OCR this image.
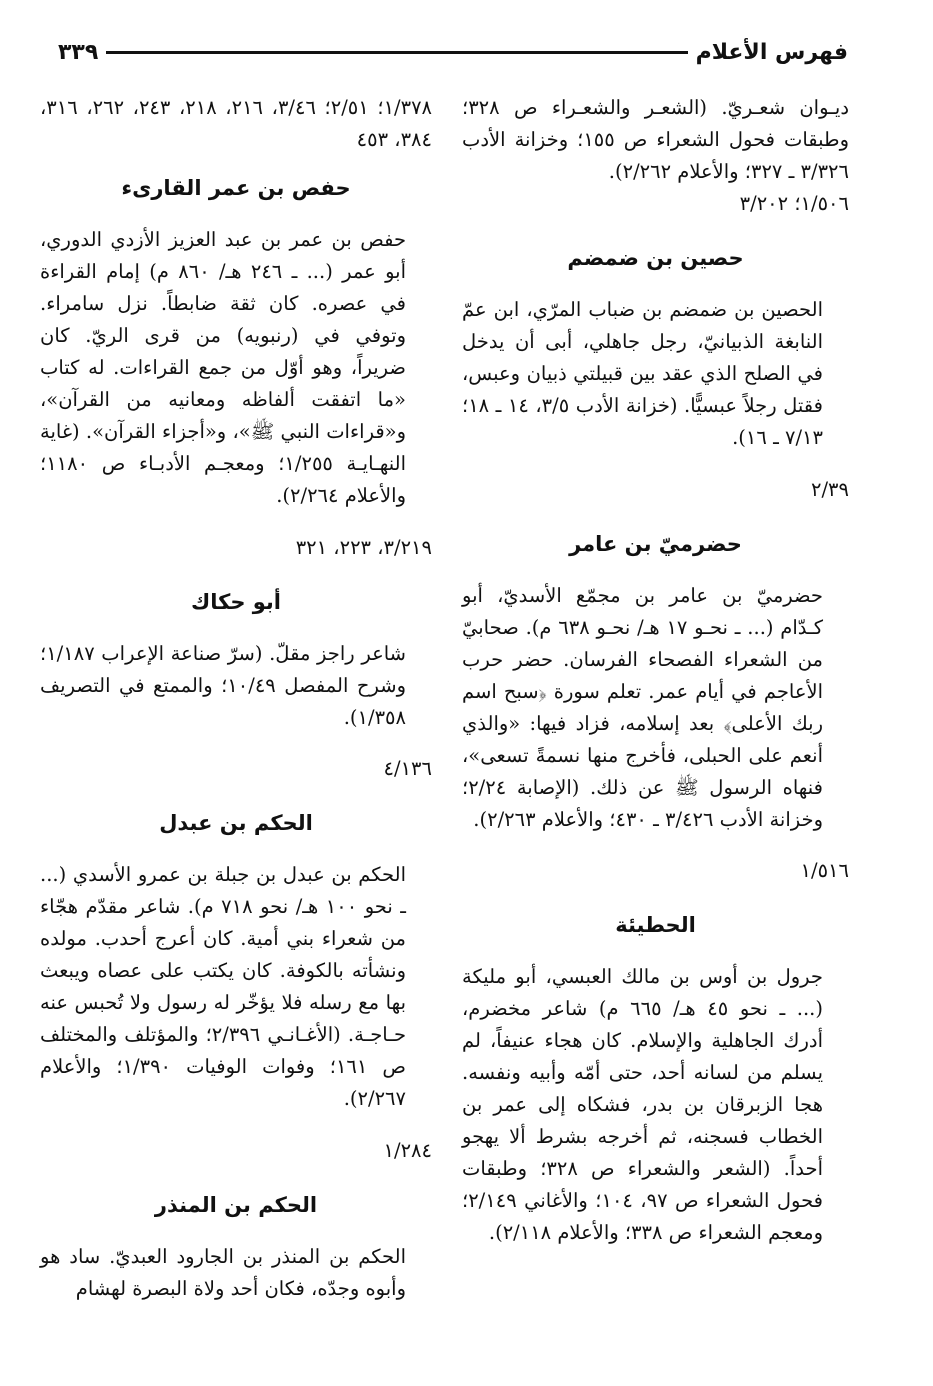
فهرس الأعلام
٣٣٩

ديـوان شعـريّ. (الشعـر والشعـراء ص ٣٢٨؛ وطبقات فحول الشعراء ص ١٥٥؛ وخزانة الأدب ٣/٣٢٦ ـ ٣٢٧؛ والأعلام ٢/٢٦٢).

١/٥٠٦؛ ٣/٢٠٢

حصين بن ضمضم

الحصين بن ضمضم بن ضباب المرّي، ابن عمّ النابغة الذبيانيّ، رجل جاهلي، أبى أن يدخل في الصلح الذي عقد بين قبيلتي ذبيان وعبس، فقتل رجلاً عبسيًّا. (خزانة الأدب ٣/٥، ١٤ ـ ١٨؛ ٧/١٣ ـ ١٦).

٢/٣٩

حضرميّ بن عامر

حضرميّ بن عامر بن مجمّع الأسديّ، أبو كـدّام (... ـ نحـو ١٧ هـ/ نحـو ٦٣٨ م). صحابيّ من الشعراء الفصحاء الفرسان. حضر حرب الأعاجم في أيام عمر. تعلم سورة ﴿سبح اسم ربك الأعلى﴾ بعد إسلامه، فزاد فيها: «والذي أنعم على الحبلى، فأخرج منها نسمةً تسعى»، فنهاه الرسول ﷺ عن ذلك. (الإصابة ٢/٢٤؛ وخزانة الأدب ٣/٤٢٦ ـ ٤٣٠؛ والأعلام ٢/٢٦٣).

١/٥١٦

الحطيئة

جرول بن أوس بن مالك العبسي، أبو مليكة (... ـ نحو ٤٥ هـ/ ٦٦٥ م) شاعر مخضرم، أدرك الجاهلية والإسلام. كان هجاء عنيفاً، لم يسلم من لسانه أحد، حتى أمّه وأبيه ونفسه. هجا الزبرقان بن بدر، فشكاه إلى عمر بن الخطاب فسجنه، ثم أخرجه بشرط ألا يهجو أحداً. (الشعر والشعراء ص ٣٢٨؛ وطبقات فحول الشعراء ص ٩٧، ١٠٤؛ والأغاني ٢/١٤٩؛ ومعجم الشعراء ص ٣٣٨؛ والأعلام ٢/١١٨).

١/٣٧٨؛ ٢/٥١؛ ٣/٤٦، ٢١٦، ٢١٨، ٢٤٣، ٢٦٢، ٣١٦، ٣٨٤، ٤٥٣

حفص بن عمر القارىء

حفص بن عمر بن عبد العزيز الأزدي الدوري، أبو عمر (... ـ ٢٤٦ هـ/ ٨٦٠ م) إمام القراءة في عصره. كان ثقة ضابطاً. نزل سامراء. وتوفي في (رنبويه) من قرى الريّ. كان ضريراً، وهو أوّل من جمع القراءات. له كتاب «ما اتفقت ألفاظه ومعانيه من القرآن»، و«قراءات النبي ﷺ»، و«أجزاء القرآن». (غاية النهـايـة ١/٢٥٥؛ ومعجـم الأدبـاء ص ١١٨٠؛ والأعلام ٢/٢٦٤).

٣/٢١٩، ٢٢٣، ٣٢١

أبو حكاك

شاعر راجز مقلّ. (سرّ صناعة الإعراب ١/١٨٧؛ وشرح المفصل ١٠/٤٩؛ والممتع في التصريف ١/٣٥٨).

٤/١٣٦

الحكم بن عبدل

الحكم بن عبدل بن جبلة بن عمرو الأسدي (... ـ نحو ١٠٠ هـ/ نحو ٧١٨ م). شاعر مقدّم هجّاء من شعراء بني أمية. كان أعرج أحدب. مولده ونشأته بالكوفة. كان يكتب على عصاه ويبعث بها مع رسله فلا يؤخّر له رسول ولا تُحبس عنه حـاجـة. (الأغـانـي ٢/٣٩٦؛ والمؤتلف والمختلف ص ١٦١؛ وفوات الوفيات ١/٣٩٠؛ والأعلام ٢/٢٦٧).

١/٢٨٤

الحكم بن المنذر

الحكم بن المنذر بن الجارود العبديّ. ساد هو وأبوه وجدّه، فكان أحد ولاة البصرة لهشام
